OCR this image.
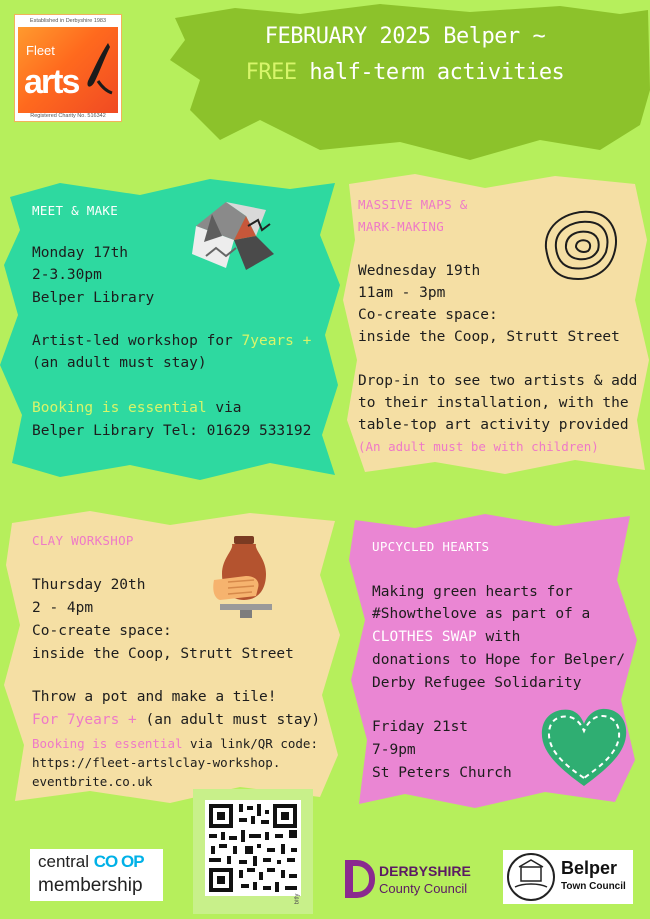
Established in Derbyshire 1983
Fleet
arts
Registered Charity No. 516342
FEBRUARY 2025 Belper ~
FREE half-term activities
MEET & MAKE
Monday 17th
2-3.30pm
Belper Library
Artist-led workshop for 7years +
(an adult must stay)
Booking is essential via
Belper Library Tel: 01629 533192
MASSIVE MAPS &
MARK-MAKING
Wednesday 19th
11am - 3pm
Co-create space:
inside the Coop, Strutt Street
Drop-in to see two artists & add
to their installation, with the
table-top art activity provided
(An adult must be with children)
CLAY WORKSHOP
Thursday 20th
2 - 4pm
Co-create space:
inside the Coop, Strutt Street
Throw a pot and make a tile!
For 7years + (an adult must stay)
Booking is essential via link/QR code:
https://fleet-artslclay-workshop.
eventbrite.co.uk
UPCYCLED HEARTS
Making green hearts for
#Showthelove as part of a
CLOTHES SWAP with
donations to Hope for Belper/
Derby Refugee Solidarity
Friday 21st
7-9pm
St Peters Church
bitly
central CO OP
membership
DERBYSHIRE
County Council
Belper
Town Council
